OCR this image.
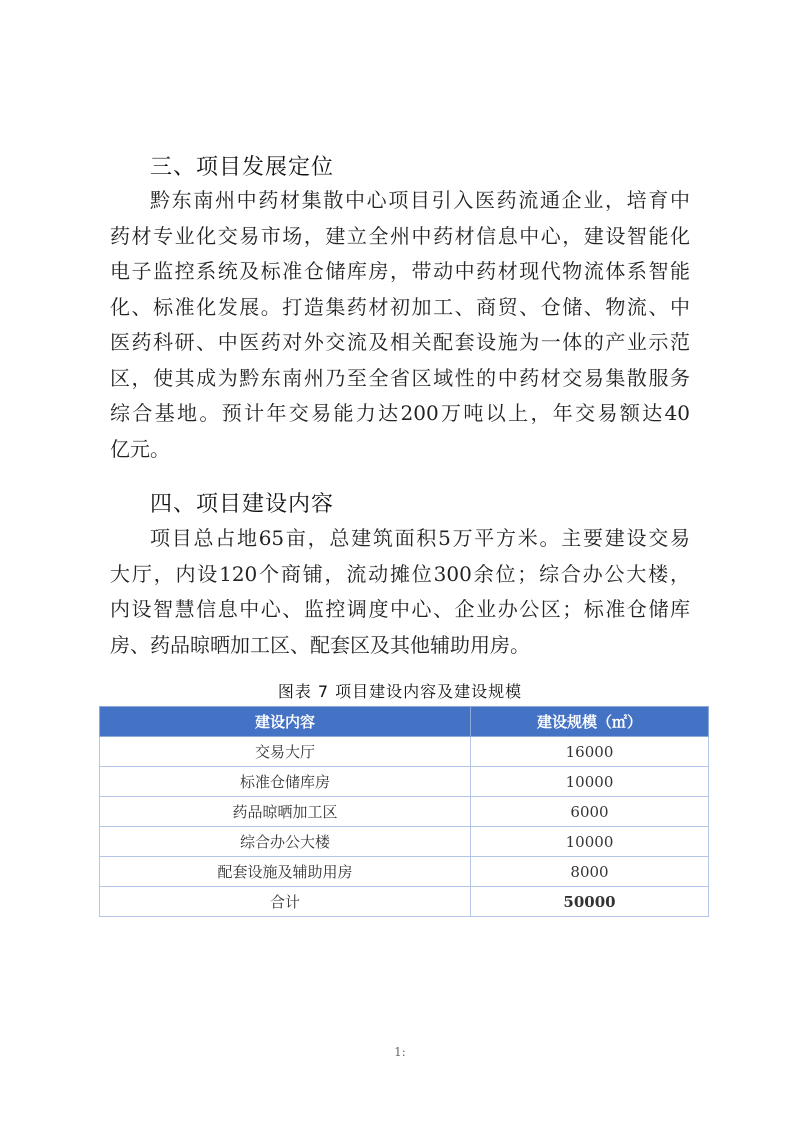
三、项目发展定位
黔东南州中药材集散中心项目引入医药流通企业，培育中
药材专业化交易市场，建立全州中药材信息中心，建设智能化
电子监控系统及标准仓储库房，带动中药材现代物流体系智能
化、标准化发展。打造集药材初加工、商贸、仓储、物流、中
医药科研、中医药对外交流及相关配套设施为一体的产业示范
区，使其成为黔东南州乃至全省区域性的中药材交易集散服务
综合基地。预计年交易能力达200万吨以上，年交易额达40
亿元。
四、项目建设内容
项目总占地65亩，总建筑面积5万平方米。主要建设交易
大厅，内设120个商铺，流动摊位300余位；综合办公大楼，
内设智慧信息中心、监控调度中心、企业办公区；标准仓储库
房、药品晾晒加工区、配套区及其他辅助用房。
图表 7 项目建设内容及建设规模
建设内容	建设规模（㎡）
交易大厅	16000
标准仓储库房	10000
药品晾晒加工区	6000
综合办公大楼	10000
配套设施及辅助用房	8000
合计	50000
1:
